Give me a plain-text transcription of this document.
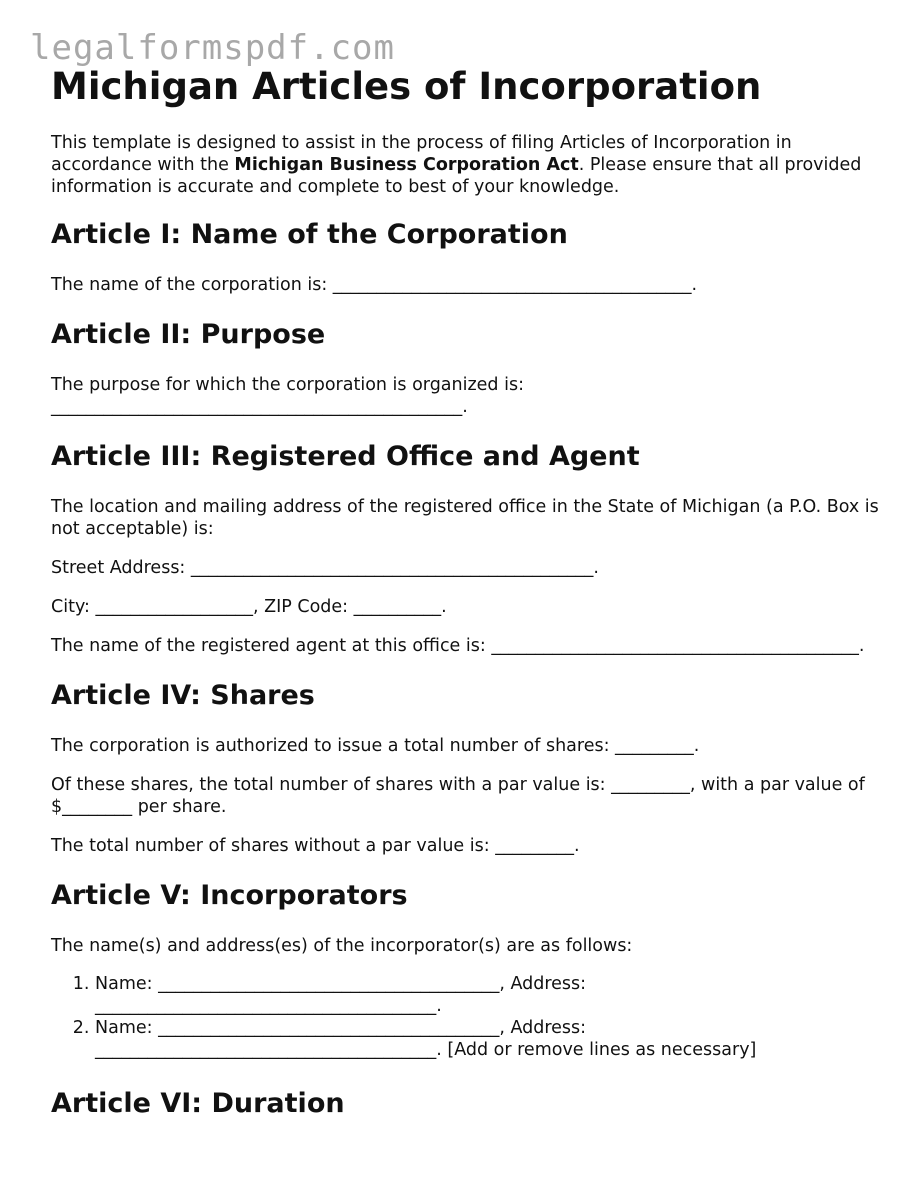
legalformspdf.com
Michigan Articles of Incorporation

This template is designed to assist in the process of filing Articles of Incorporation in accordance with the Michigan Business Corporation Act. Please ensure that all provided information is accurate and complete to best of your knowledge.

Article I: Name of the Corporation

The name of the corporation is: _________________________________________.

Article II: Purpose

The purpose for which the corporation is organized is: _______________________________________________.

Article III: Registered Office and Agent

The location and mailing address of the registered office in the State of Michigan (a P.O. Box is not acceptable) is:

Street Address: ______________________________________________.

City: __________________, ZIP Code: __________.

The name of the registered agent at this office is: __________________________________________.

Article IV: Shares

The corporation is authorized to issue a total number of shares: _________.

Of these shares, the total number of shares with a par value is: _________, with a par value of $________ per share.

The total number of shares without a par value is: _________.

Article V: Incorporators

The name(s) and address(es) of the incorporator(s) are as follows:

1. Name: _______________________________________, Address: _______________________________________.
2. Name: _______________________________________, Address: _______________________________________. [Add or remove lines as necessary]
Article VI: Duration
